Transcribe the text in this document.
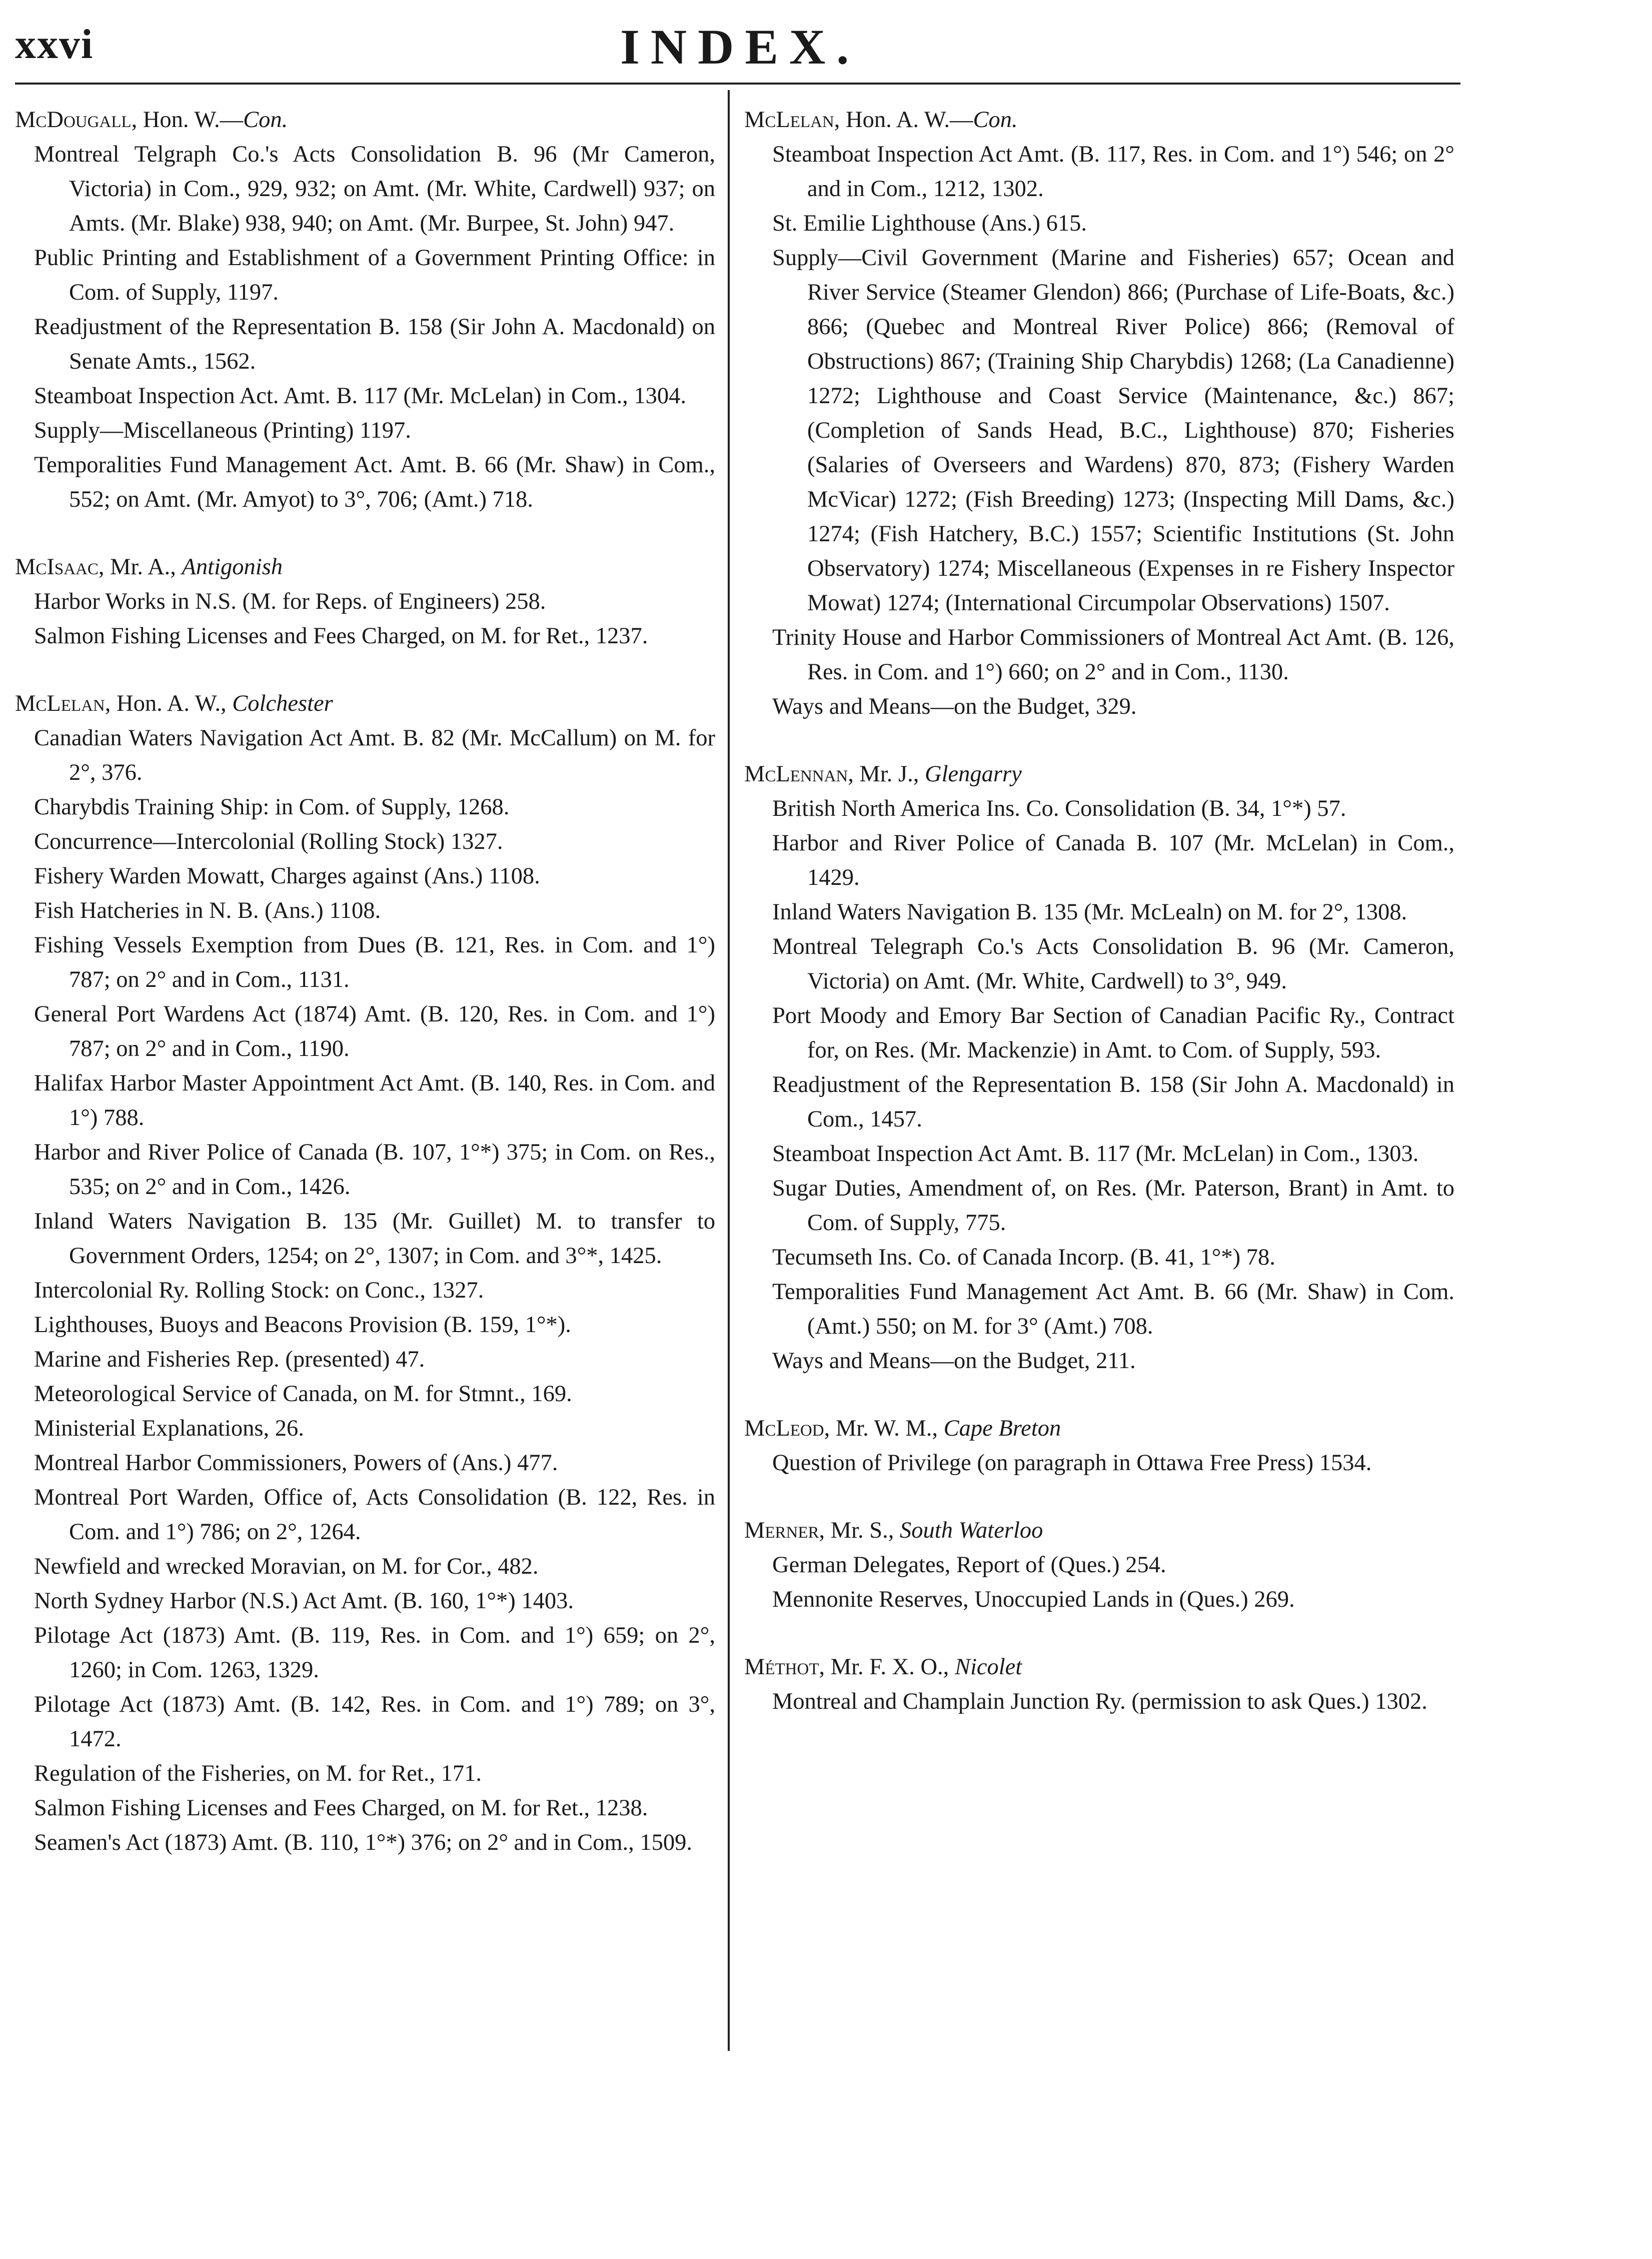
xxvi	INDEX.

McDougall, Hon. W.—Con.

Montreal Telgraph Co.'s Acts Consolidation B. 96 (Mr Cameron, Victoria) in Com., 929, 932; on Amt. (Mr. White, Cardwell) 937; on Amts. (Mr. Blake) 938, 940; on Amt. (Mr. Burpee, St. John) 947.

Public Printing and Establishment of a Government Printing Office: in Com. of Supply, 1197.

Readjustment of the Representation B. 158 (Sir John A. Macdonald) on Senate Amts., 1562.

Steamboat Inspection Act. Amt. B. 117 (Mr. McLelan) in Com., 1304.

Supply—Miscellaneous (Printing) 1197.

Temporalities Fund Management Act. Amt. B. 66 (Mr. Shaw) in Com., 552; on Amt. (Mr. Amyot) to 3°, 706; (Amt.) 718.

McIsaac, Mr. A., Antigonish

Harbor Works in N.S. (M. for Reps. of Engineers) 258.

Salmon Fishing Licenses and Fees Charged, on M. for Ret., 1237.

McLelan, Hon. A. W., Colchester

Canadian Waters Navigation Act Amt. B. 82 (Mr. McCallum) on M. for 2°, 376.

Charybdis Training Ship: in Com. of Supply, 1268.

Concurrence—Intercolonial (Rolling Stock) 1327.

Fishery Warden Mowatt, Charges against (Ans.) 1108.

Fish Hatcheries in N. B. (Ans.) 1108.

Fishing Vessels Exemption from Dues (B. 121, Res. in Com. and 1°) 787; on 2° and in Com., 1131.

General Port Wardens Act (1874) Amt. (B. 120, Res. in Com. and 1°) 787; on 2° and in Com., 1190.

Halifax Harbor Master Appointment Act Amt. (B. 140, Res. in Com. and 1°) 788.

Harbor and River Police of Canada (B. 107, 1°*) 375; in Com. on Res., 535; on 2° and in Com., 1426.

Inland Waters Navigation B. 135 (Mr. Guillet) M. to transfer to Government Orders, 1254; on 2°, 1307; in Com. and 3°*, 1425.

Intercolonial Ry. Rolling Stock: on Conc., 1327.

Lighthouses, Buoys and Beacons Provision (B. 159, 1°*).

Marine and Fisheries Rep. (presented) 47.

Meteorological Service of Canada, on M. for Stmnt., 169.

Ministerial Explanations, 26.

Montreal Harbor Commissioners, Powers of (Ans.) 477.

Montreal Port Warden, Office of, Acts Consolidation (B. 122, Res. in Com. and 1°) 786; on 2°, 1264.

Newfield and wrecked Moravian, on M. for Cor., 482.

North Sydney Harbor (N.S.) Act Amt. (B. 160, 1°*) 1403.

Pilotage Act (1873) Amt. (B. 119, Res. in Com. and 1°) 659; on 2°, 1260; in Com. 1263, 1329.

Pilotage Act (1873) Amt. (B. 142, Res. in Com. and 1°) 789; on 3°, 1472.

Regulation of the Fisheries, on M. for Ret., 171.

Salmon Fishing Licenses and Fees Charged, on M. for Ret., 1238.

Seamen's Act (1873) Amt. (B. 110, 1°*) 376; on 2° and in Com., 1509.

McLelan, Hon. A. W.—Con.

Steamboat Inspection Act Amt. (B. 117, Res. in Com. and 1°) 546; on 2° and in Com., 1212, 1302.

St. Emilie Lighthouse (Ans.) 615.

Supply—Civil Government (Marine and Fisheries) 657; Ocean and River Service (Steamer Glendon) 866; (Purchase of Life-Boats, &c.) 866; (Quebec and Montreal River Police) 866; (Removal of Obstructions) 867; (Training Ship Charybdis) 1268; (La Canadienne) 1272; Lighthouse and Coast Service (Maintenance, &c.) 867; (Completion of Sands Head, B.C., Lighthouse) 870; Fisheries (Salaries of Overseers and Wardens) 870, 873; (Fishery Warden McVicar) 1272; (Fish Breeding) 1273; (Inspecting Mill Dams, &c.) 1274; (Fish Hatchery, B.C.) 1557; Scientific Institutions (St. John Observatory) 1274; Miscellaneous (Expenses in re Fishery Inspector Mowat) 1274; (International Circumpolar Observations) 1507.

Trinity House and Harbor Commissioners of Montreal Act Amt. (B. 126, Res. in Com. and 1°) 660; on 2° and in Com., 1130.

Ways and Means—on the Budget, 329.

McLennan, Mr. J., Glengarry

British North America Ins. Co. Consolidation (B. 34, 1°*) 57.

Harbor and River Police of Canada B. 107 (Mr. McLelan) in Com., 1429.

Inland Waters Navigation B. 135 (Mr. McLealn) on M. for 2°, 1308.

Montreal Telegraph Co.'s Acts Consolidation B. 96 (Mr. Cameron, Victoria) on Amt. (Mr. White, Cardwell) to 3°, 949.

Port Moody and Emory Bar Section of Canadian Pacific Ry., Contract for, on Res. (Mr. Mackenzie) in Amt. to Com. of Supply, 593.

Readjustment of the Representation B. 158 (Sir John A. Macdonald) in Com., 1457.

Steamboat Inspection Act Amt. B. 117 (Mr. McLelan) in Com., 1303.

Sugar Duties, Amendment of, on Res. (Mr. Paterson, Brant) in Amt. to Com. of Supply, 775.

Tecumseth Ins. Co. of Canada Incorp. (B. 41, 1°*) 78.

Temporalities Fund Management Act Amt. B. 66 (Mr. Shaw) in Com. (Amt.) 550; on M. for 3° (Amt.) 708.

Ways and Means—on the Budget, 211.

McLeod, Mr. W. M., Cape Breton

Question of Privilege (on paragraph in Ottawa Free Press) 1534.

Merner, Mr. S., South Waterloo

German Delegates, Report of (Ques.) 254.

Mennonite Reserves, Unoccupied Lands in (Ques.) 269.

Méthot, Mr. F. X. O., Nicolet

Montreal and Champlain Junction Ry. (permission to ask Ques.) 1302.
